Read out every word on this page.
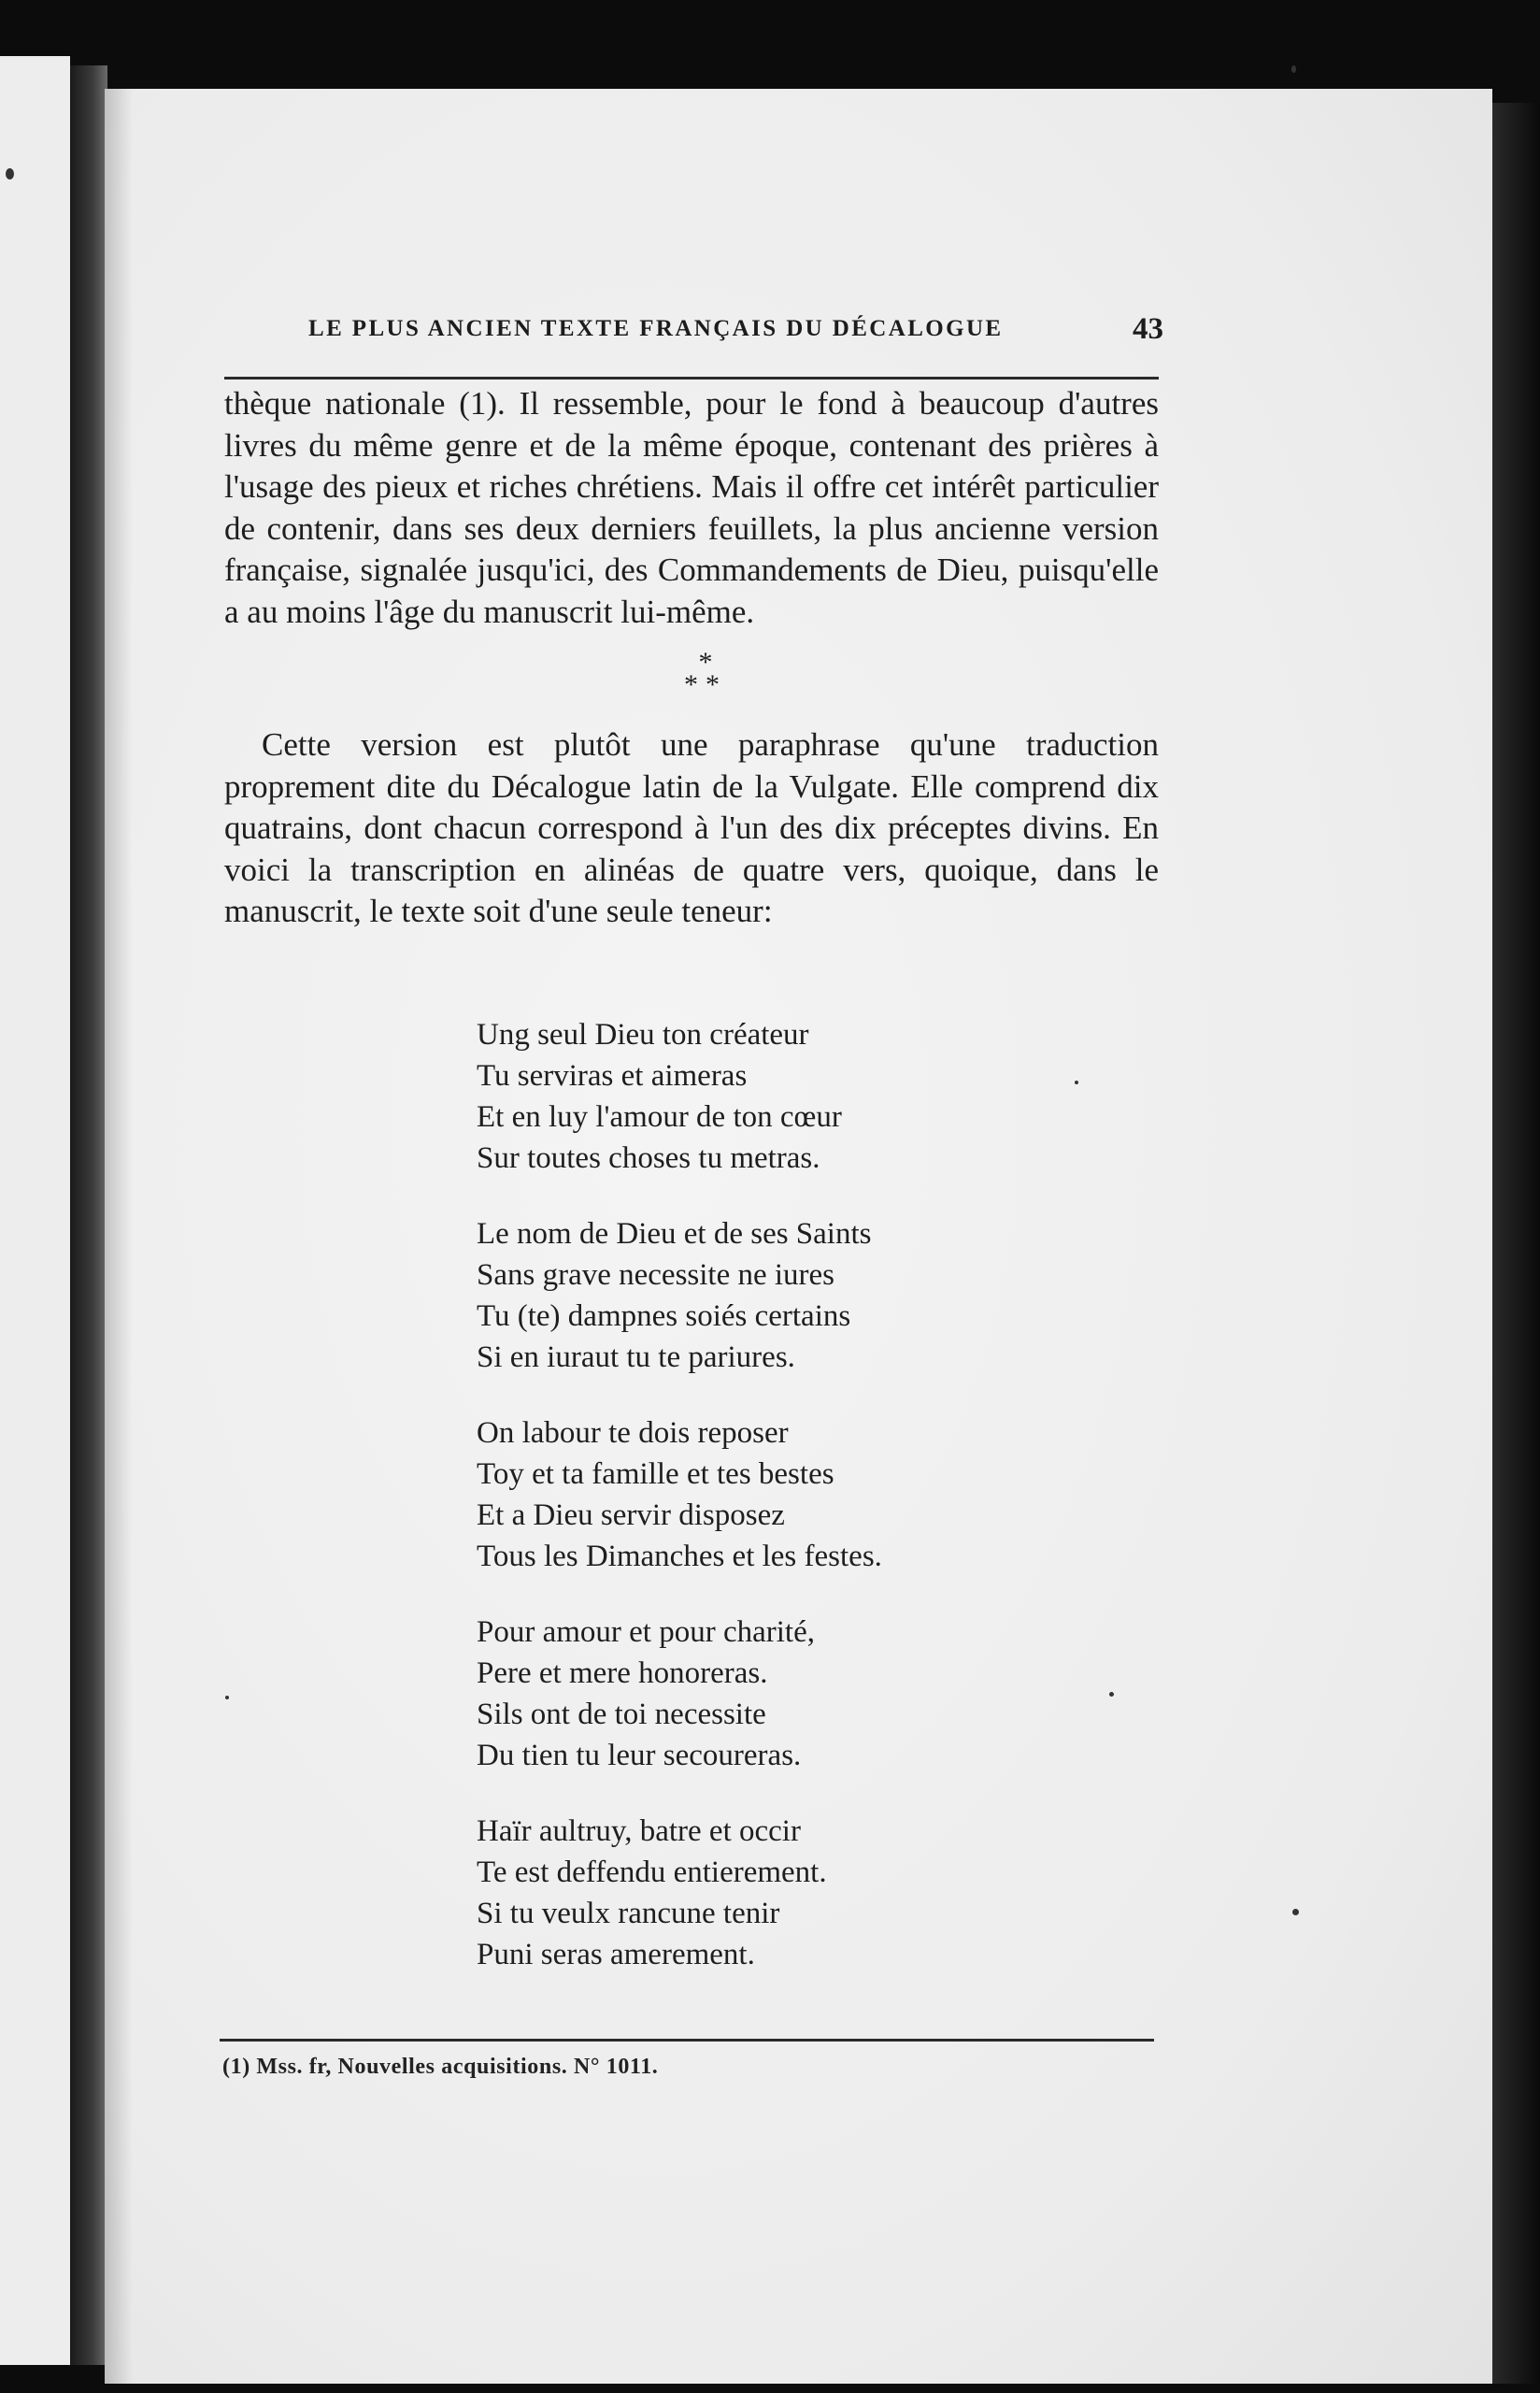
LE PLUS ANCIEN TEXTE FRANÇAIS DU DÉCALOGUE	43

thèque nationale (1). Il ressemble, pour le fond à beaucoup d'autres livres du même genre et de la même époque, contenant des prières à l'usage des pieux et riches chrétiens. Mais il offre cet intérêt particulier de contenir, dans ses deux derniers feuillets, la plus ancienne version française, signalée jusqu'ici, des Commandements de Dieu, puisqu'elle a au moins l'âge du manuscrit lui-même.

*
**

Cette version est plutôt une paraphrase qu'une traduction proprement dite du Décalogue latin de la Vulgate. Elle comprend dix quatrains, dont chacun correspond à l'un des dix préceptes divins. En voici la transcription en alinéas de quatre vers, quoique, dans le manuscrit, le texte soit d'une seule teneur:

Ung seul Dieu ton créateur
Tu serviras et aimeras
Et en luy l'amour de ton cœur
Sur toutes choses tu metras.
Le nom de Dieu et de ses Saints
Sans grave necessite ne iures
Tu (te) dampnes soiés certains
Si en iuraut tu te pariures.
On labour te dois reposer
Toy et ta famille et tes bestes
Et a Dieu servir disposez
Tous les Dimanches et les festes.
Pour amour et pour charité,
Pere et mere honoreras.
Sils ont de toi necessite
Du tien tu leur secoureras.
Haïr aultruy, batre et occir
Te est deffendu entierement.
Si tu veulx rancune tenir
Puni seras amerement.
(1) Mss. fr, Nouvelles acquisitions. N° 1011.
